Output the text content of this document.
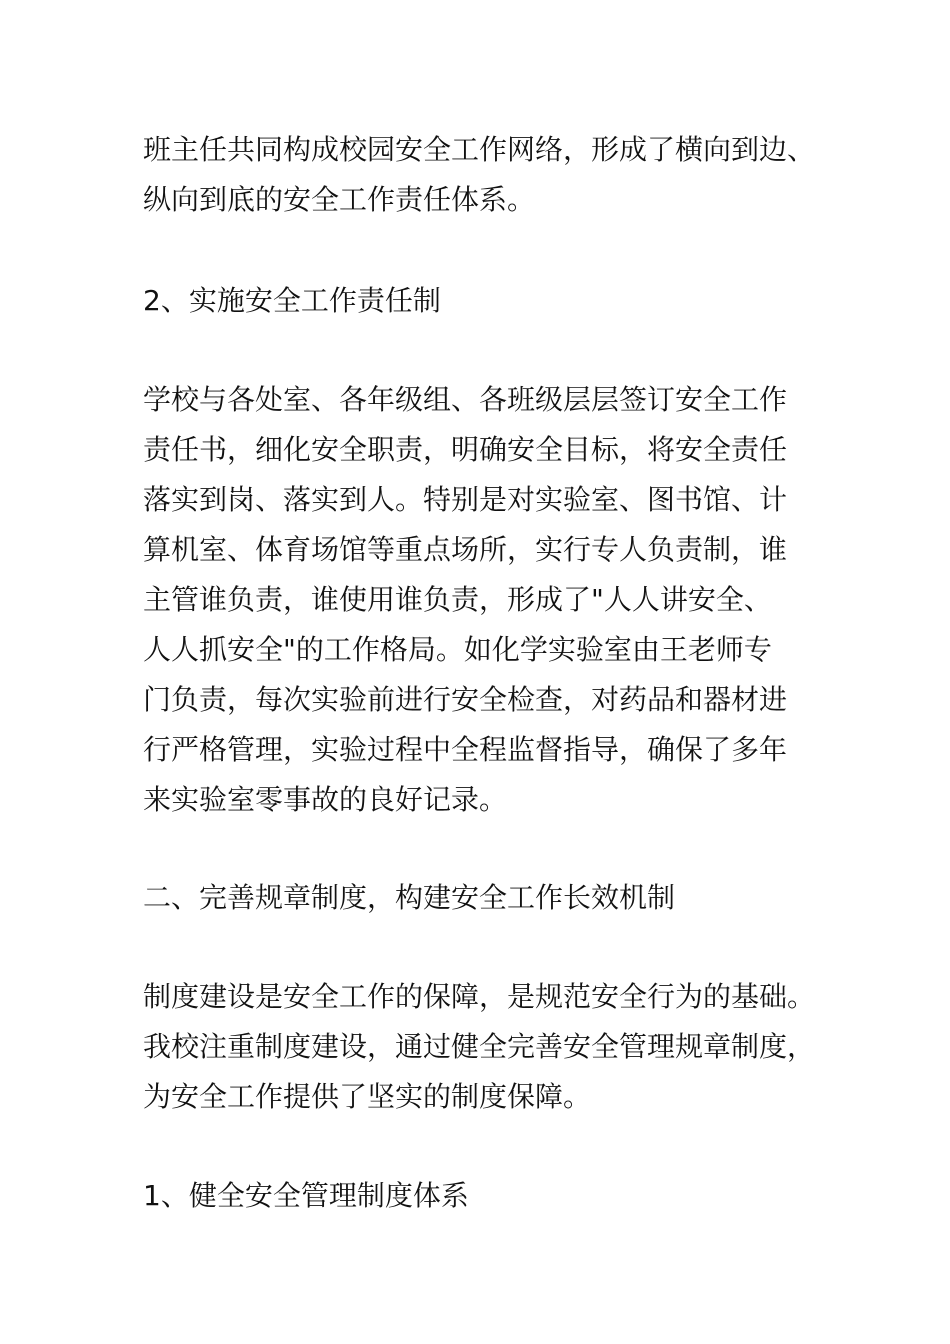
班主任共同构成校园安全工作网络，形成了横向到边、
纵向到底的安全工作责任体系。
2、实施安全工作责任制
学校与各处室、各年级组、各班级层层签订安全工作
责任书，细化安全职责，明确安全目标，将安全责任
落实到岗、落实到人。特别是对实验室、图书馆、计
算机室、体育场馆等重点场所，实行专人负责制，谁
主管谁负责，谁使用谁负责，形成了"人人讲安全、
人人抓安全"的工作格局。如化学实验室由王老师专
门负责，每次实验前进行安全检查，对药品和器材进
行严格管理，实验过程中全程监督指导，确保了多年
来实验室零事故的良好记录。
二、完善规章制度，构建安全工作长效机制
制度建设是安全工作的保障，是规范安全行为的基础。
我校注重制度建设，通过健全完善安全管理规章制度，
为安全工作提供了坚实的制度保障。
1、健全安全管理制度体系
